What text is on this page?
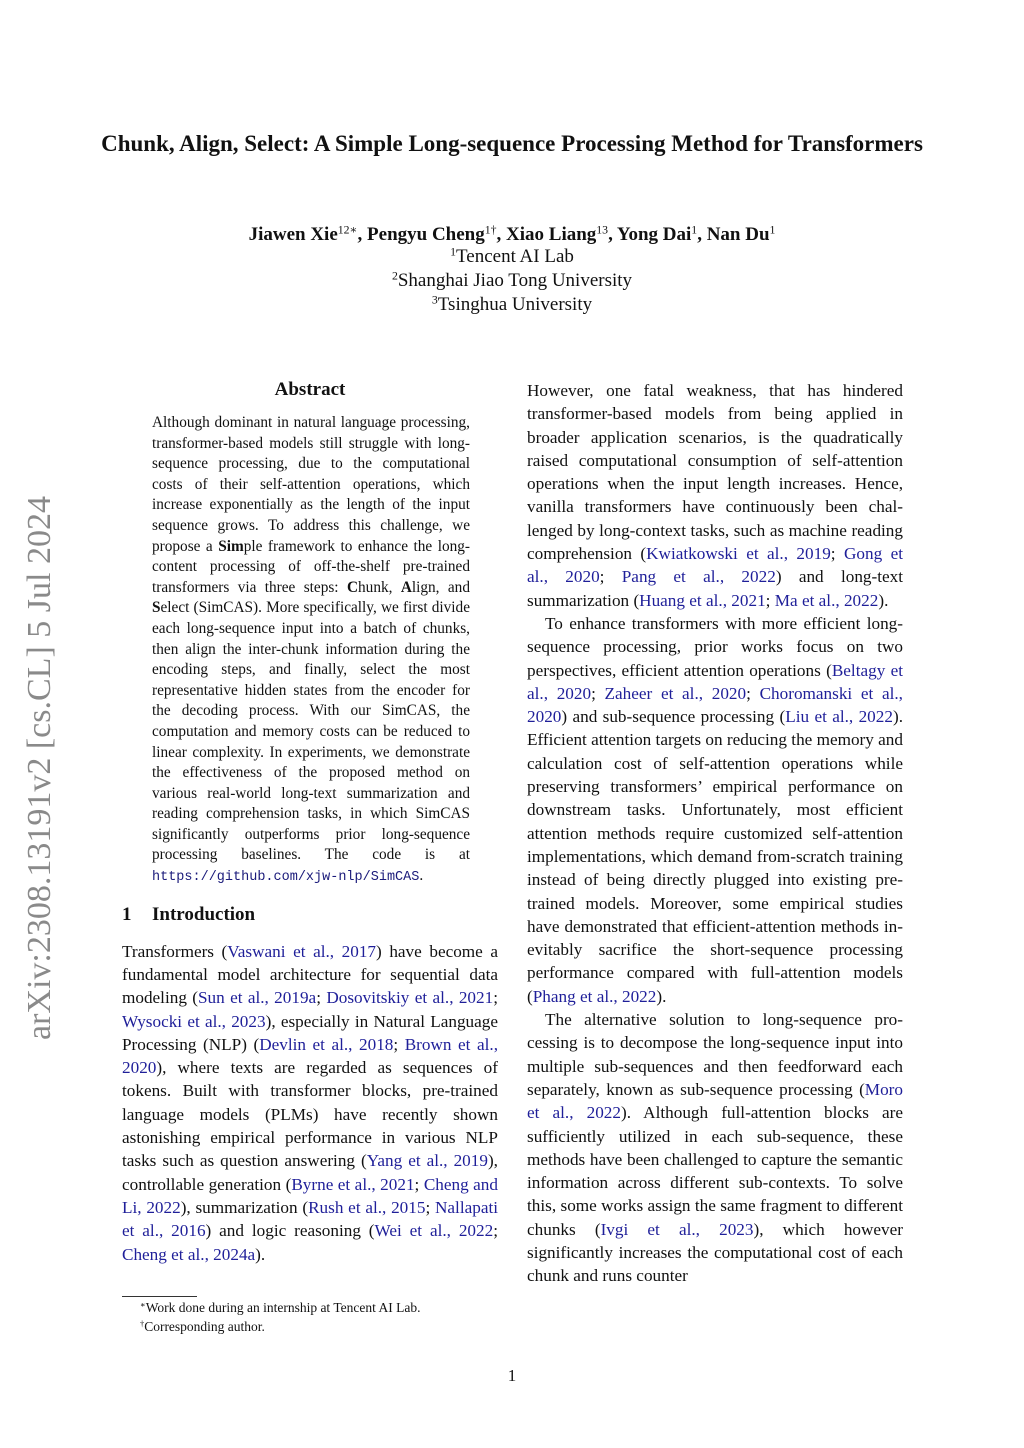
Chunk, Align, Select: A Simple Long-sequence Processing Method for Transformers
Jiawen Xie$^{12∗}$, Pengyu Cheng$^{1\dagger}$, Xiao Liang$^{13}$, Yong Dai$^1$, Nan Du$^1$
$^1$Tencent AI Lab
$^2$Shanghai Jiao Tong University
$^3$Tsinghua University
arXiv:2308.13191v2 [cs.CL] 5 Jul 2024
Abstract
Although dominant in natural language processing, transformer-based models still struggle with long-sequence processing, due to the computational costs of their self-attention operations, which increase exponentially as the length of the input sequence grows. To address this challenge, we propose a Simple framework to enhance the long-content processing of off-the-shelf pre-trained transformers via three steps: Chunk, Align, and Select (SimCAS). More specifically, we first divide each long-sequence input into a batch of chunks, then align the inter-chunk information during the encoding steps, and finally, select the most representative hidden states from the encoder for the decoding process. With our SimCAS, the computation and memory costs can be reduced to linear complexity. In experiments, we demonstrate the effectiveness of the proposed method on various real-world long-text summarization and reading comprehension tasks, in which SimCAS significantly outperforms prior long-sequence processing baselines. The code is at https://github.com/xjw-nlp/SimCAS.
1 Introduction

Transformers (Vaswani et al., 2017) have become a fundamental model architecture for sequential data modeling (Sun et al., 2019a; Dosovitskiy et al., 2021; Wysocki et al., 2023), especially in Natural Language Processing (NLP) (Devlin et al., 2018; Brown et al., 2020), where texts are regarded as sequences of tokens. Built with transformer blocks, pre-trained language models (PLMs) have recently shown astonishing empirical performance in various NLP tasks such as question answering (Yang et al., 2019), controllable generation (Byrne et al., 2021; Cheng and Li, 2022), summarization (Rush et al., 2015; Nallapati et al., 2016) and logic reasoning (Wei et al., 2022; Cheng et al., 2024a).

However, one fatal weakness, that has hindered transformer-based models from being applied in broader application scenarios, is the quadratically raised computational consumption of self-attention operations when the input length increases. Hence, vanilla transformers have continuously been challenged by long-context tasks, such as machine reading comprehension (Kwiatkowski et al., 2019; Gong et al., 2020; Pang et al., 2022) and long-text summarization (Huang et al., 2021; Ma et al., 2022).

To enhance transformers with more efficient long-sequence processing, prior works focus on two perspectives, efficient attention operations (Beltagy et al., 2020; Zaheer et al., 2020; Choromanski et al., 2020) and sub-sequence processing (Liu et al., 2022). Efficient attention targets on reducing the memory and calculation cost of self-attention operations while preserving transformers’ empirical performance on downstream tasks. Unfortunately, most efficient attention methods require customized self-attention implementations, which demand from-scratch training instead of being directly plugged into existing pre-trained models. Moreover, some empirical studies have demonstrated that efficient-attention methods inevitably sacrifice the short-sequence processing performance compared with full-attention models (Phang et al., 2022).

The alternative solution to long-sequence processing is to decompose the long-sequence input into multiple sub-sequences and then feedforward each separately, known as sub-sequence processing (Moro et al., 2022). Although full-attention blocks are sufficiently utilized in each sub-sequence, these methods have been challenged to capture the semantic information across different sub-contexts. To solve this, some works assign the same fragment to different chunks (Ivgi et al., 2023), which however significantly increases the computational cost of each chunk and runs counter

∗Work done during an internship at Tencent AI Lab.
†Corresponding author.
1
